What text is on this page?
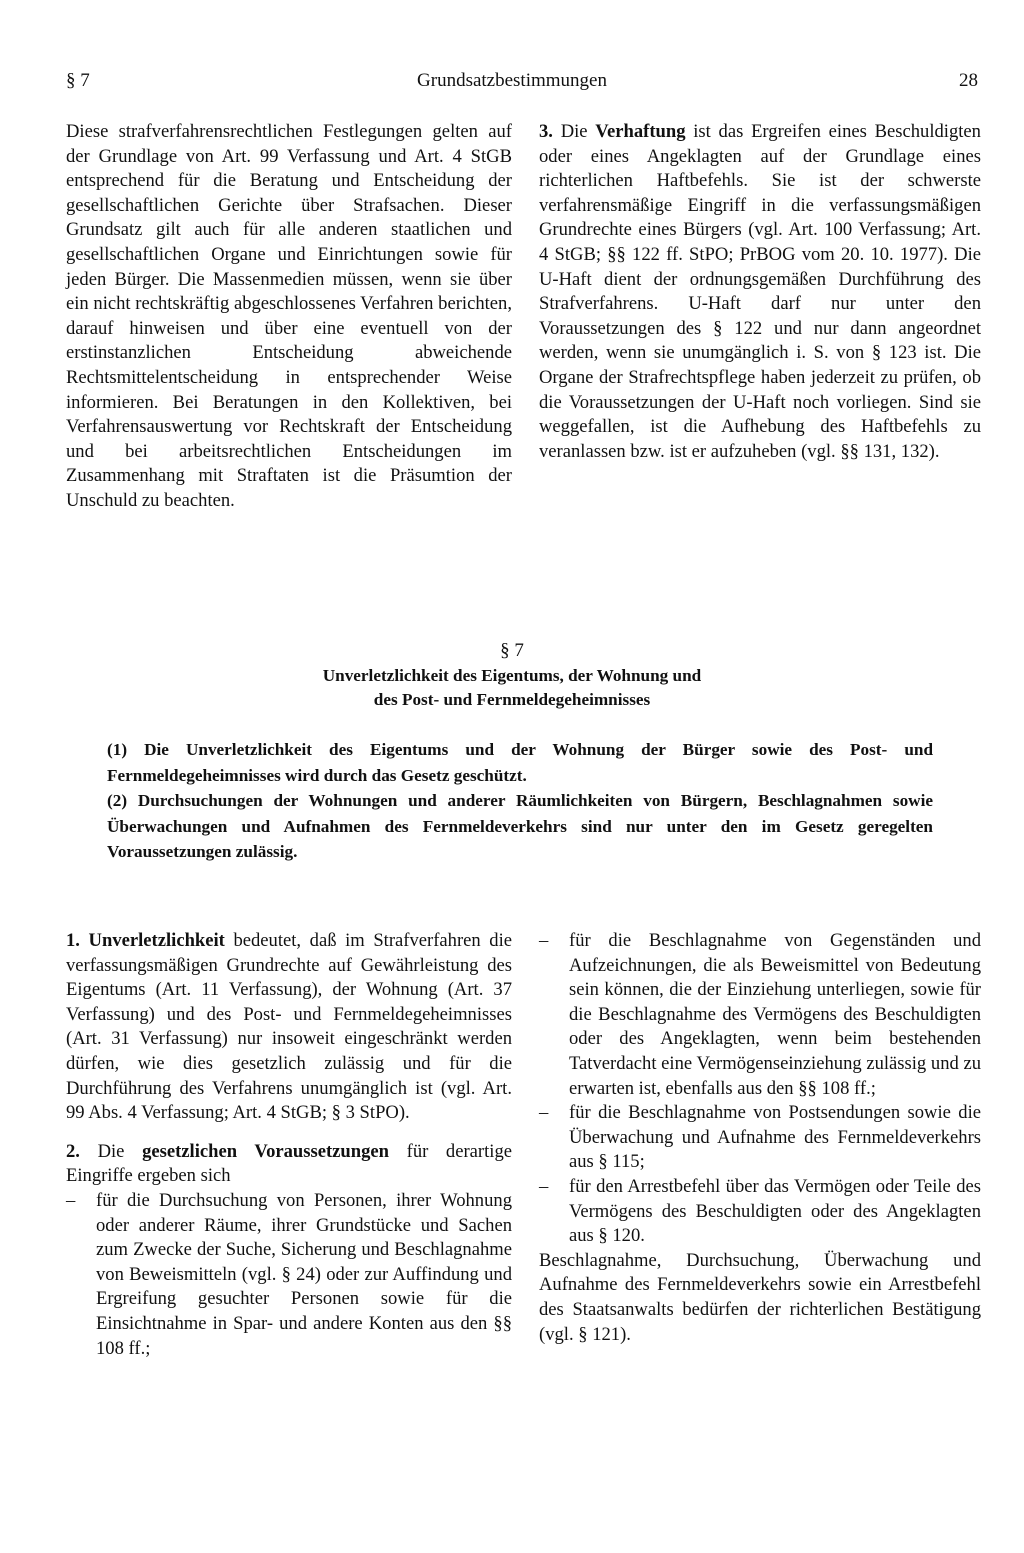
Grundsatzbestimmungen
§ 7	28

Diese strafverfahrensrechtlichen Festlegungen gelten auf der Grundlage von Art. 99 Verfassung und Art. 4 StGB entsprechend für die Beratung und Entscheidung der gesellschaftlichen Gerichte über Strafsachen. Dieser Grundsatz gilt auch für alle anderen staatlichen und gesellschaftlichen Organe und Einrichtungen sowie für jeden Bürger. Die Massenmedien müssen, wenn sie über ein nicht rechtskräftig abgeschlossenes Verfahren berichten, darauf hinweisen und über eine eventuell von der erstinstanzlichen Entscheidung abweichende Rechtsmittelentscheidung in entsprechender Weise informieren. Bei Beratungen in den Kollektiven, bei Verfahrensauswertung vor Rechtskraft der Entscheidung und bei arbeitsrechtlichen Entscheidungen im Zusammenhang mit Straftaten ist die Präsumtion der Unschuld zu beachten.

3. Die Verhaftung ist das Ergreifen eines Beschuldigten oder eines Angeklagten auf der Grundlage eines richterlichen Haftbefehls. Sie ist der schwerste verfahrensmäßige Eingriff in die verfassungsmäßigen Grundrechte eines Bürgers (vgl. Art. 100 Verfassung; Art. 4 StGB; §§ 122 ff. StPO; PrBOG vom 20. 10. 1977). Die U-Haft dient der ordnungsgemäßen Durchführung des Strafverfahrens. U-Haft darf nur unter den Voraussetzungen des § 122 und nur dann angeordnet werden, wenn sie unumgänglich i. S. von § 123 ist. Die Organe der Strafrechtspflege haben jederzeit zu prüfen, ob die Voraussetzungen der U-Haft noch vorliegen. Sind sie weggefallen, ist die Aufhebung des Haftbefehls zu veranlassen bzw. ist er aufzuheben (vgl. §§ 131, 132).

§ 7
Unverletzlichkeit des Eigentums, der Wohnung und
des Post- und Fernmeldegeheimnisses

(1) Die Unverletzlichkeit des Eigentums und der Wohnung der Bürger sowie des Post- und Fernmeldegeheimnisses wird durch das Gesetz geschützt.

(2) Durchsuchungen der Wohnungen und anderer Räumlichkeiten von Bürgern, Beschlagnahmen sowie Überwachungen und Aufnahmen des Fernmeldeverkehrs sind nur unter den im Gesetz geregelten Voraussetzungen zulässig.

1. Unverletzlichkeit bedeutet, daß im Strafverfahren die verfassungsmäßigen Grundrechte auf Gewährleistung des Eigentums (Art. 11 Verfassung), der Wohnung (Art. 37 Verfassung) und des Post- und Fernmeldegeheimnisses (Art. 31 Verfassung) nur insoweit eingeschränkt werden dürfen, wie dies gesetzlich zulässig und für die Durchführung des Verfahrens unumgänglich ist (vgl. Art. 99 Abs. 4 Verfassung; Art. 4 StGB; § 3 StPO).

2. Die gesetzlichen Voraussetzungen für derartige Eingriffe ergeben sich

–	für die Durchsuchung von Personen, ihrer Wohnung oder anderer Räume, ihrer Grundstücke und Sachen zum Zwecke der Suche, Sicherung und Beschlagnahme von Beweismitteln (vgl. § 24) oder zur Auffindung und Ergreifung gesuchter Personen sowie für die Einsichtnahme in Spar- und andere Konten aus den §§ 108 ff.;
–	für die Beschlagnahme von Gegenständen und Aufzeichnungen, die als Beweismittel von Bedeutung sein können, die der Einziehung unterliegen, sowie für die Beschlagnahme des Vermögens des Beschuldigten oder des Angeklagten, wenn beim bestehenden Tatverdacht eine Vermögenseinziehung zulässig und zu erwarten ist, ebenfalls aus den §§ 108 ff.;
–	für die Beschlagnahme von Postsendungen sowie die Überwachung und Aufnahme des Fernmeldeverkehrs aus § 115;
–	für den Arrestbefehl über das Vermögen oder Teile des Vermögens des Beschuldigten oder des Angeklagten aus § 120.

Beschlagnahme, Durchsuchung, Überwachung und Aufnahme des Fernmeldeverkehrs sowie ein Arrestbefehl des Staatsanwalts bedürfen der richterlichen Bestätigung (vgl. § 121).
